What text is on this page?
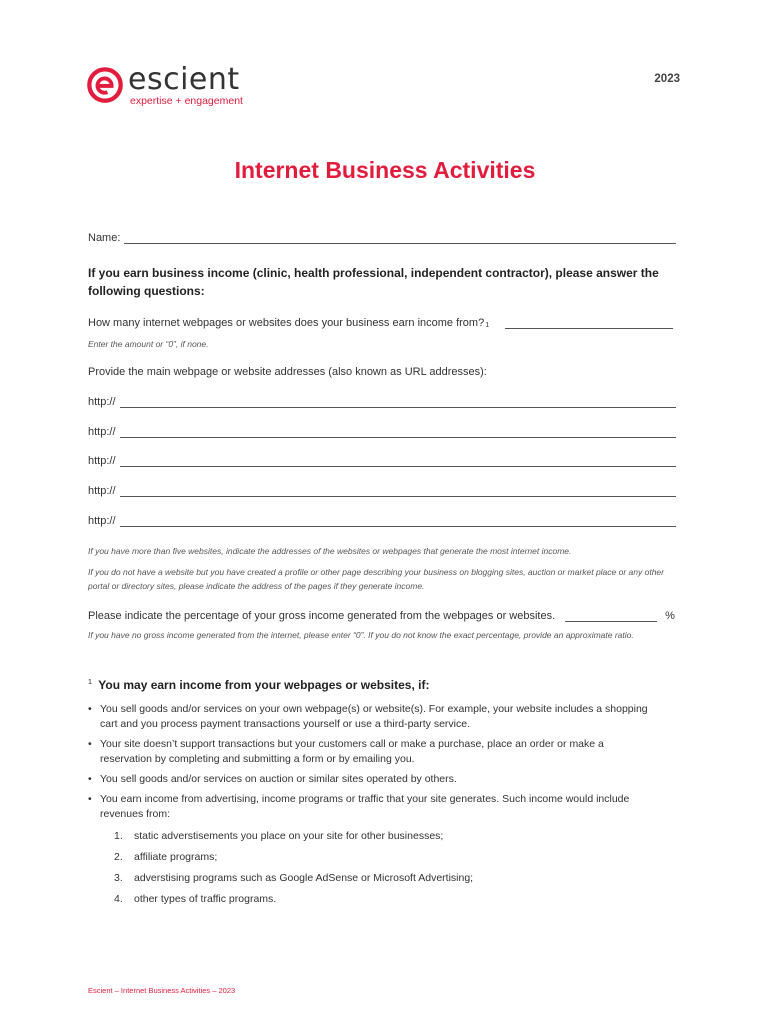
escient
expertise + engagement
2023
Internet Business Activities
Name:
If you earn business income (clinic, health professional, independent contractor), please answer the following questions:
How many internet webpages or websites does your business earn income $from?_1$
Enter the amount or “0”, if none.
Provide the main webpage or website addresses (also known as URL addresses):
http://
http://
http://
http://
http://
If you have more than five websites, indicate the addresses of the websites or webpages that generate the most internet income.
If you do not have a website but you have created a profile or other page describing your business on blogging sites, auction or market place or any other portal or directory sites, please indicate the address of the pages if they generate income.
Please indicate the percentage of your gross income generated from the webpages or websites.	%
If you have no gross income generated from the internet, please enter “0”. If you do not know the exact percentage, provide an approximate ratio.
$^1$ You may earn income from your webpages or websites, if:
• You sell goods and/or services on your own webpage(s) or website(s). For example, your website includes a shopping cart and you process payment transactions yourself or use a third-party service.
• Your site doesn’t support transactions but your customers call or make a purchase, place an order or make a reservation by completing and submitting a form or by emailing you.
• You sell goods and/or services on auction or similar sites operated by others.
• You earn income from advertising, income programs or traffic that your site generates. Such income would include revenues from:
1.	static adverstisements you place on your site for other businesses;
2.	affiliate programs;
3.	adverstising programs such as Google AdSense or Microsoft Advertising;
4.	other types of traffic programs.
Escient – Internet Business Activities – 2023
